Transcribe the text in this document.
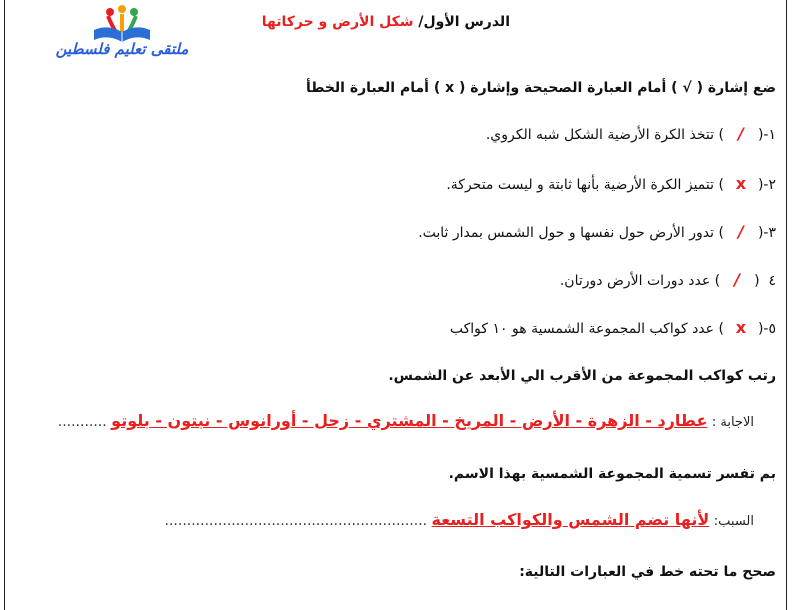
ملتقى تعليم فلسطين
الدرس الأول/ شكل الأرض و حركاتها
ضع إشارة ( √ ) أمام العبارة الصحيحة وإشارة ( x ) أمام العبارة الخطأ
١-(/) تتخذ الكرة الأرضية الشكل شبه الكروي.
٢-(x) تتميز الكرة الأرضية بأنها ثابتة و ليست متحركة.
٣-(/) تدور الأرض حول نفسها و حول الشمس بمدار ثابت.
٤  (/) عدد دورات الأرض دورتان.
٥-(x) عدد كواكب المجموعة الشمسية هو ١٠ كواكب
رتب كواكب المجموعة من الأقرب الي الأبعد عن الشمس.
الاجابة : عطارد - الزهرة - الأرض - المريخ - المشتري - زحل - أورانوس - نبتون - بلوتو ...........
بم تفسر تسمية المجموعة الشمسية بهذا الاسم.
السبب: لأنها تضم الشمس والكواكب التسعة ...........................................................
صحح ما تحته خط في العبارات التالية:
